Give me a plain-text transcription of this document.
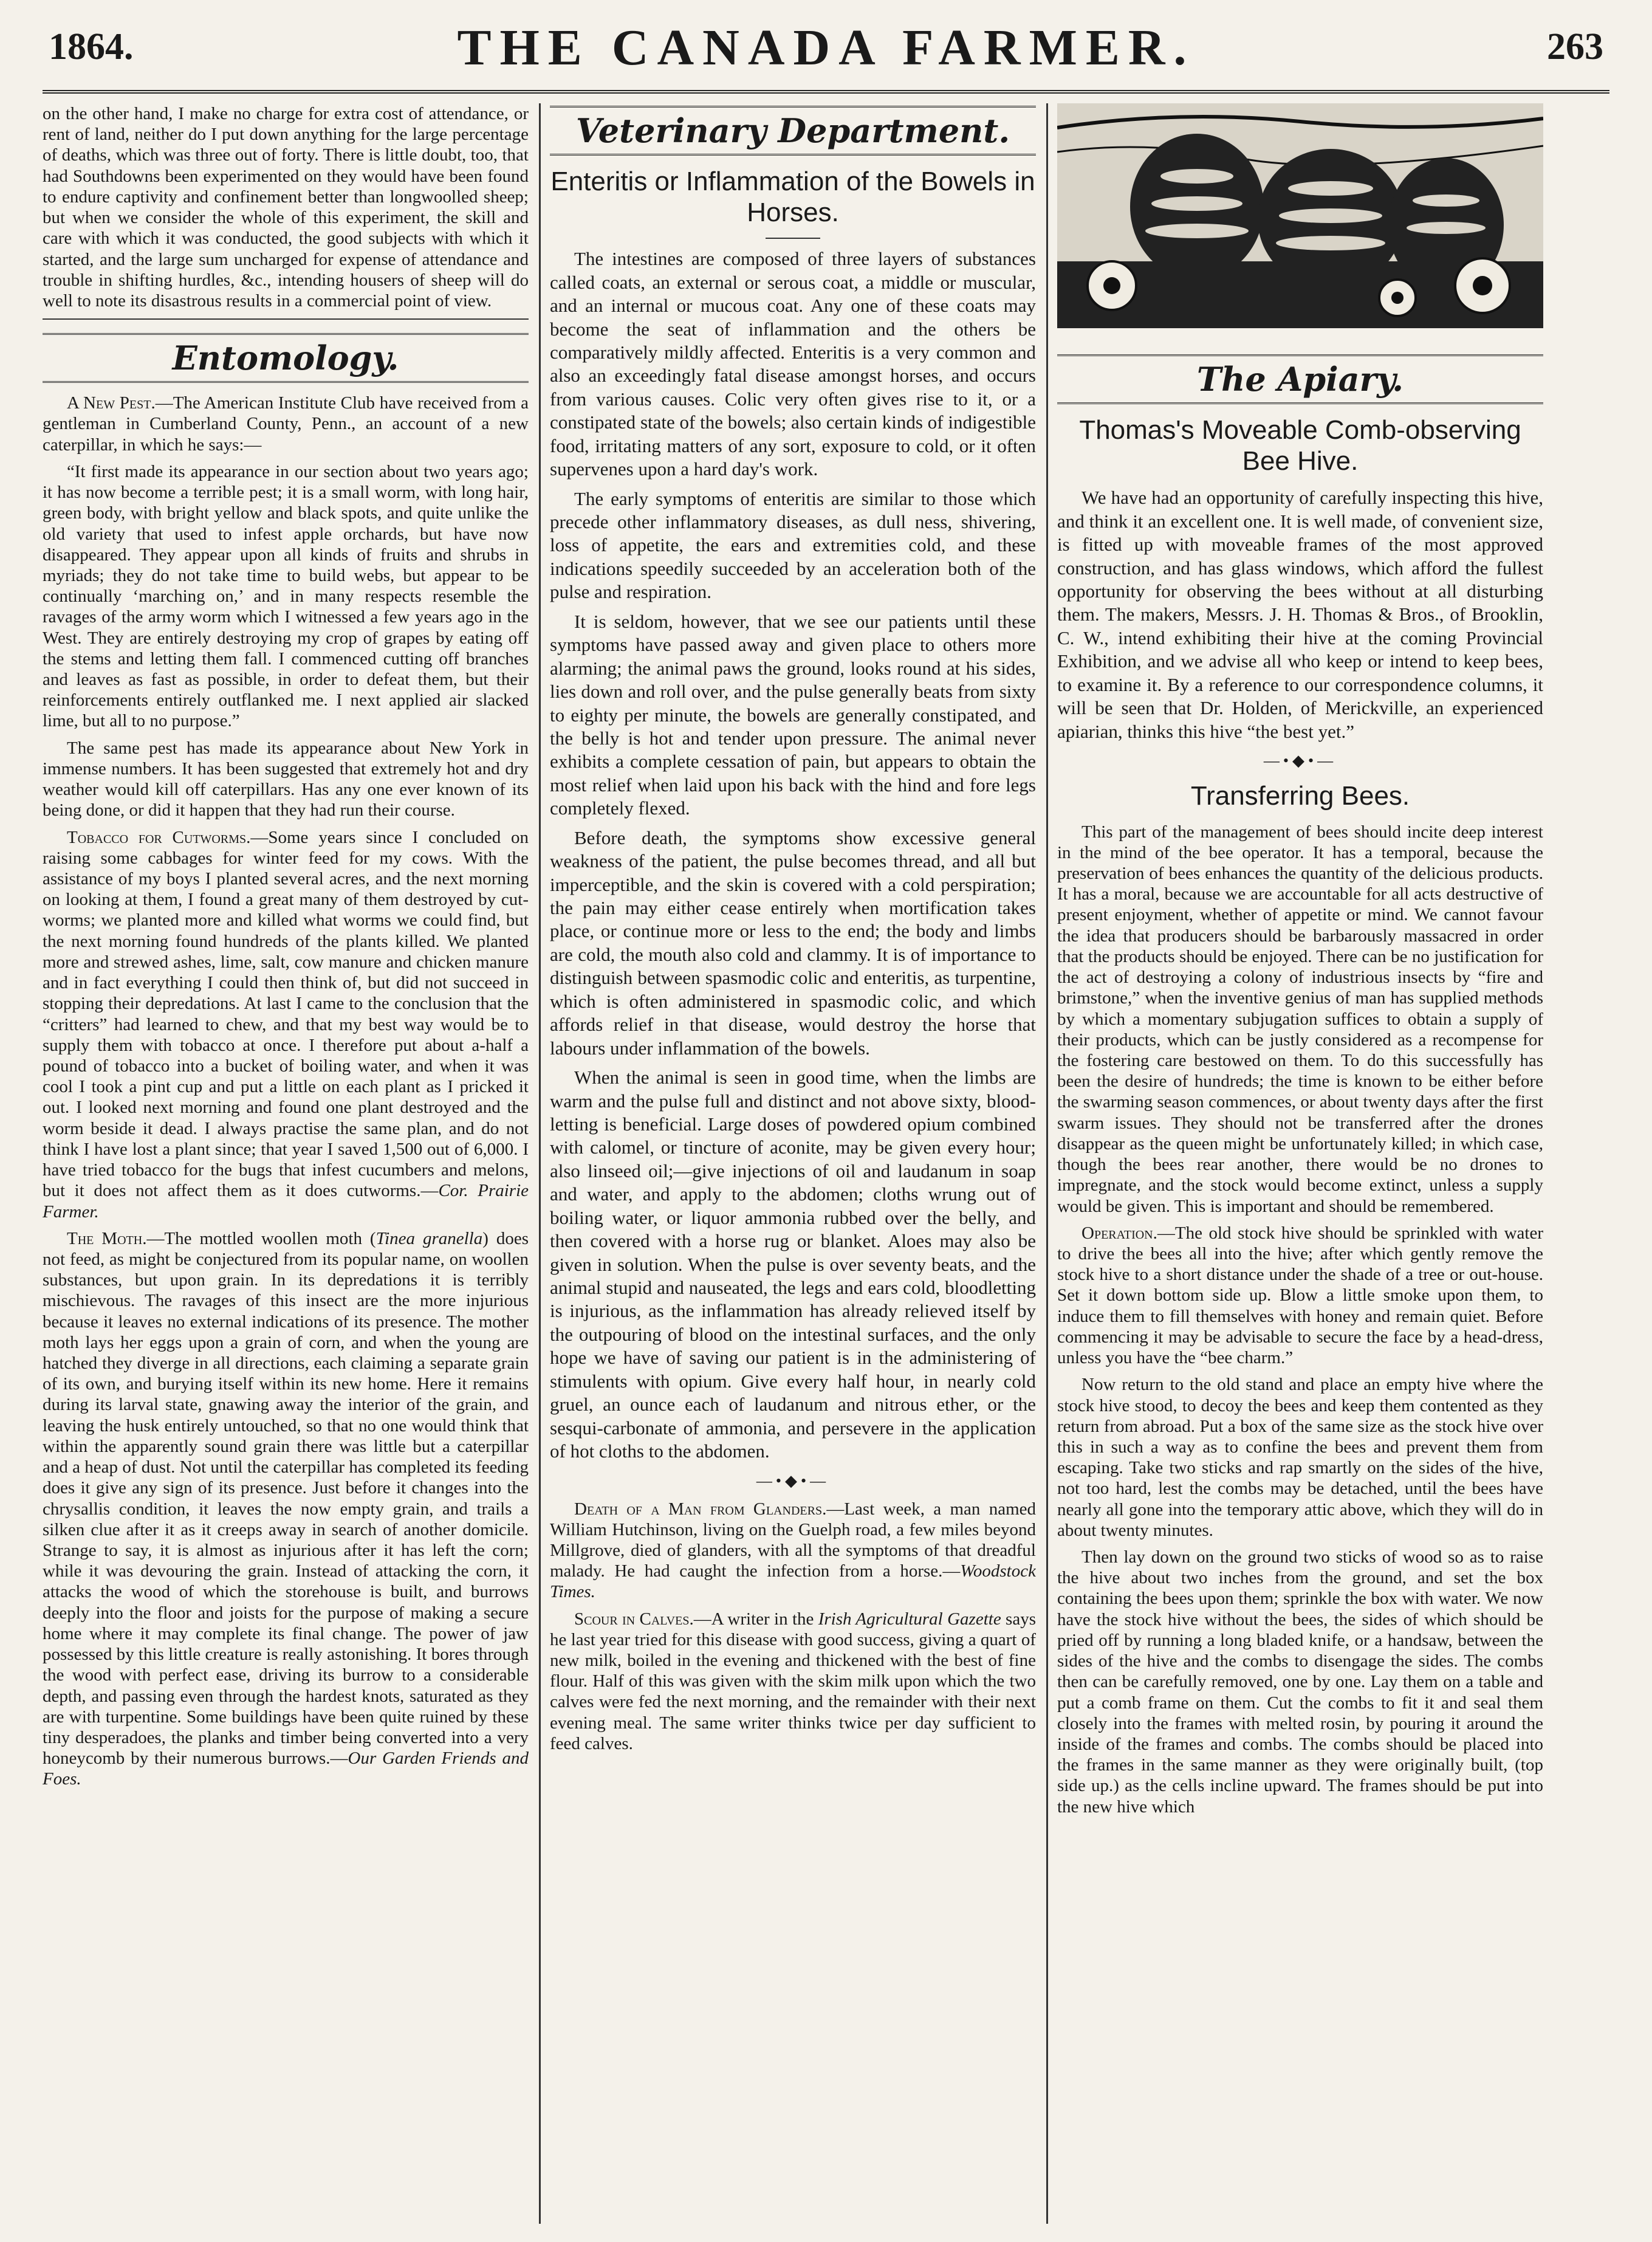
1864.	THE CANADA FARMER.	263

on the other hand, I make no charge for extra cost of attendance, or rent of land, neither do I put down anything for the large percentage of deaths, which was three out of forty. There is little doubt, too, that had Southdowns been experimented on they would have been found to endure captivity and confinement better than longwoolled sheep; but when we consider the whole of this experiment, the skill and care with which it was conducted, the good subjects with which it started, and the large sum uncharged for expense of attendance and trouble in shifting hurdles, &c., intending housers of sheep will do well to note its disastrous results in a commercial point of view.

Entomology.

A New Pest.—The American Institute Club have received from a gentleman in Cumberland County, Penn., an account of a new caterpillar, in which he says:—

“It first made its appearance in our section about two years ago; it has now become a terrible pest; it is a small worm, with long hair, green body, with bright yellow and black spots, and quite unlike the old variety that used to infest apple orchards, but have now disappeared. They appear upon all kinds of fruits and shrubs in myriads; they do not take time to build webs, but appear to be continually ‘marching on,’ and in many respects resemble the ravages of the army worm which I witnessed a few years ago in the West. They are entirely destroying my crop of grapes by eating off the stems and letting them fall. I commenced cutting off branches and leaves as fast as possible, in order to defeat them, but their reinforcements entirely outflanked me. I next applied air slacked lime, but all to no purpose.”

The same pest has made its appearance about New York in immense numbers. It has been suggested that extremely hot and dry weather would kill off caterpillars. Has any one ever known of its being done, or did it happen that they had run their course.

Tobacco for Cutworms.—Some years since I concluded on raising some cabbages for winter feed for my cows. With the assistance of my boys I planted several acres, and the next morning on looking at them, I found a great many of them destroyed by cut-worms; we planted more and killed what worms we could find, but the next morning found hundreds of the plants killed. We planted more and strewed ashes, lime, salt, cow manure and chicken manure and in fact everything I could then think of, but did not succeed in stopping their depredations. At last I came to the conclusion that the “critters” had learned to chew, and that my best way would be to supply them with tobacco at once. I therefore put about a-half a pound of tobacco into a bucket of boiling water, and when it was cool I took a pint cup and put a little on each plant as I pricked it out. I looked next morning and found one plant destroyed and the worm beside it dead. I always practise the same plan, and do not think I have lost a plant since; that year I saved 1,500 out of 6,000. I have tried tobacco for the bugs that infest cucumbers and melons, but it does not affect them as it does cutworms.—Cor. Prairie Farmer.

The Moth.—The mottled woollen moth (Tinea granella) does not feed, as might be conjectured from its popular name, on woollen substances, but upon grain. In its depredations it is terribly mischievous. The ravages of this insect are the more injurious because it leaves no external indications of its presence. The mother moth lays her eggs upon a grain of corn, and when the young are hatched they diverge in all directions, each claiming a separate grain of its own, and burying itself within its new home. Here it remains during its larval state, gnawing away the interior of the grain, and leaving the husk entirely untouched, so that no one would think that within the apparently sound grain there was little but a caterpillar and a heap of dust. Not until the caterpillar has completed its feeding does it give any sign of its presence. Just before it changes into the chrysallis condition, it leaves the now empty grain, and trails a silken clue after it as it creeps away in search of another domicile. Strange to say, it is almost as injurious after it has left the corn; while it was devouring the grain. Instead of attacking the corn, it attacks the wood of which the storehouse is built, and burrows deeply into the floor and joists for the purpose of making a secure home where it may complete its final change. The power of jaw possessed by this little creature is really astonishing. It bores through the wood with perfect ease, driving its burrow to a considerable depth, and passing even through the hardest knots, saturated as they are with turpentine. Some buildings have been quite ruined by these tiny desperadoes, the planks and timber being converted into a very honeycomb by their numerous burrows.—Our Garden Friends and Foes.

Veterinary Department.
Enteritis or Inflammation of the Bowels in Horses.

The intestines are composed of three layers of substances called coats, an external or serous coat, a middle or muscular, and an internal or mucous coat. Any one of these coats may become the seat of inflammation and the others be comparatively mildly affected. Enteritis is a very common and also an exceedingly fatal disease amongst horses, and occurs from various causes. Colic very often gives rise to it, or a constipated state of the bowels; also certain kinds of indigestible food, irritating matters of any sort, exposure to cold, or it often supervenes upon a hard day's work.

The early symptoms of enteritis are similar to those which precede other inflammatory diseases, as dull ness, shivering, loss of appetite, the ears and extremities cold, and these indications speedily succeeded by an acceleration both of the pulse and respiration.

It is seldom, however, that we see our patients until these symptoms have passed away and given place to others more alarming; the animal paws the ground, looks round at his sides, lies down and roll over, and the pulse generally beats from sixty to eighty per minute, the bowels are generally constipated, and the belly is hot and tender upon pressure. The animal never exhibits a complete cessation of pain, but appears to obtain the most relief when laid upon his back with the hind and fore legs completely flexed.

Before death, the symptoms show excessive general weakness of the patient, the pulse becomes thread, and all but imperceptible, and the skin is covered with a cold perspiration; the pain may either cease entirely when mortification takes place, or continue more or less to the end; the body and limbs are cold, the mouth also cold and clammy. It is of importance to distinguish between spasmodic colic and enteritis, as turpentine, which is often administered in spasmodic colic, and which affords relief in that disease, would destroy the horse that labours under inflammation of the bowels.

When the animal is seen in good time, when the limbs are warm and the pulse full and distinct and not above sixty, blood-letting is beneficial. Large doses of powdered opium combined with calomel, or tincture of aconite, may be given every hour; also linseed oil;—give injections of oil and laudanum in soap and water, and apply to the abdomen; cloths wrung out of boiling water, or liquor ammonia rubbed over the belly, and then covered with a horse rug or blanket. Aloes may also be given in solution. When the pulse is over seventy beats, and the animal stupid and nauseated, the legs and ears cold, bloodletting is injurious, as the inflammation has already relieved itself by the outpouring of blood on the intestinal surfaces, and the only hope we have of saving our patient is in the administering of stimulents with opium. Give every half hour, in nearly cold gruel, an ounce each of laudanum and nitrous ether, or the sesqui-carbonate of ammonia, and persevere in the application of hot cloths to the abdomen.

—•◆•—

Death of a Man from Glanders.—Last week, a man named William Hutchinson, living on the Guelph road, a few miles beyond Millgrove, died of glanders, with all the symptoms of that dreadful malady. He had caught the infection from a horse.—Woodstock Times.

Scour in Calves.—A writer in the Irish Agricultural Gazette says he last year tried for this disease with good success, giving a quart of new milk, boiled in the evening and thickened with the best of fine flour. Half of this was given with the skim milk upon which the two calves were fed the next morning, and the remainder with their next evening meal. The same writer thinks twice per day sufficient to feed calves.

The Apiary.
Thomas's Moveable Comb-observing Bee Hive.

We have had an opportunity of carefully inspecting this hive, and think it an excellent one. It is well made, of convenient size, is fitted up with moveable frames of the most approved construction, and has glass windows, which afford the fullest opportunity for observing the bees without at all disturbing them. The makers, Messrs. J. H. Thomas & Bros., of Brooklin, C. W., intend exhibiting their hive at the coming Provincial Exhibition, and we advise all who keep or intend to keep bees, to examine it. By a reference to our correspondence columns, it will be seen that Dr. Holden, of Merickville, an experienced apiarian, thinks this hive “the best yet.”

—•◆•—
Transferring Bees.

This part of the management of bees should incite deep interest in the mind of the bee operator. It has a temporal, because the preservation of bees enhances the quantity of the delicious products. It has a moral, because we are accountable for all acts destructive of present enjoyment, whether of appetite or mind. We cannot favour the idea that producers should be barbarously massacred in order that the products should be enjoyed. There can be no justification for the act of destroying a colony of industrious insects by “fire and brimstone,” when the inventive genius of man has supplied methods by which a momentary subjugation suffices to obtain a supply of their products, which can be justly considered as a recompense for the fostering care bestowed on them. To do this successfully has been the desire of hundreds; the time is known to be either before the swarming season commences, or about twenty days after the first swarm issues. They should not be transferred after the drones disappear as the queen might be unfortunately killed; in which case, though the bees rear another, there would be no drones to impregnate, and the stock would become extinct, unless a supply would be given. This is important and should be remembered.

Operation.—The old stock hive should be sprinkled with water to drive the bees all into the hive; after which gently remove the stock hive to a short distance under the shade of a tree or out-house. Set it down bottom side up. Blow a little smoke upon them, to induce them to fill themselves with honey and remain quiet. Before commencing it may be advisable to secure the face by a head-dress, unless you have the “bee charm.”

Now return to the old stand and place an empty hive where the stock hive stood, to decoy the bees and keep them contented as they return from abroad. Put a box of the same size as the stock hive over this in such a way as to confine the bees and prevent them from escaping. Take two sticks and rap smartly on the sides of the hive, not too hard, lest the combs may be detached, until the bees have nearly all gone into the temporary attic above, which they will do in about twenty minutes.

Then lay down on the ground two sticks of wood so as to raise the hive about two inches from the ground, and set the box containing the bees upon them; sprinkle the box with water. We now have the stock hive without the bees, the sides of which should be pried off by running a long bladed knife, or a handsaw, between the sides of the hive and the combs to disengage the sides. The combs then can be carefully removed, one by one. Lay them on a table and put a comb frame on them. Cut the combs to fit it and seal them closely into the frames with melted rosin, by pouring it around the inside of the frames and combs. The combs should be placed into the frames in the same manner as they were originally built, (top side up.) as the cells incline upward. The frames should be put into the new hive which
